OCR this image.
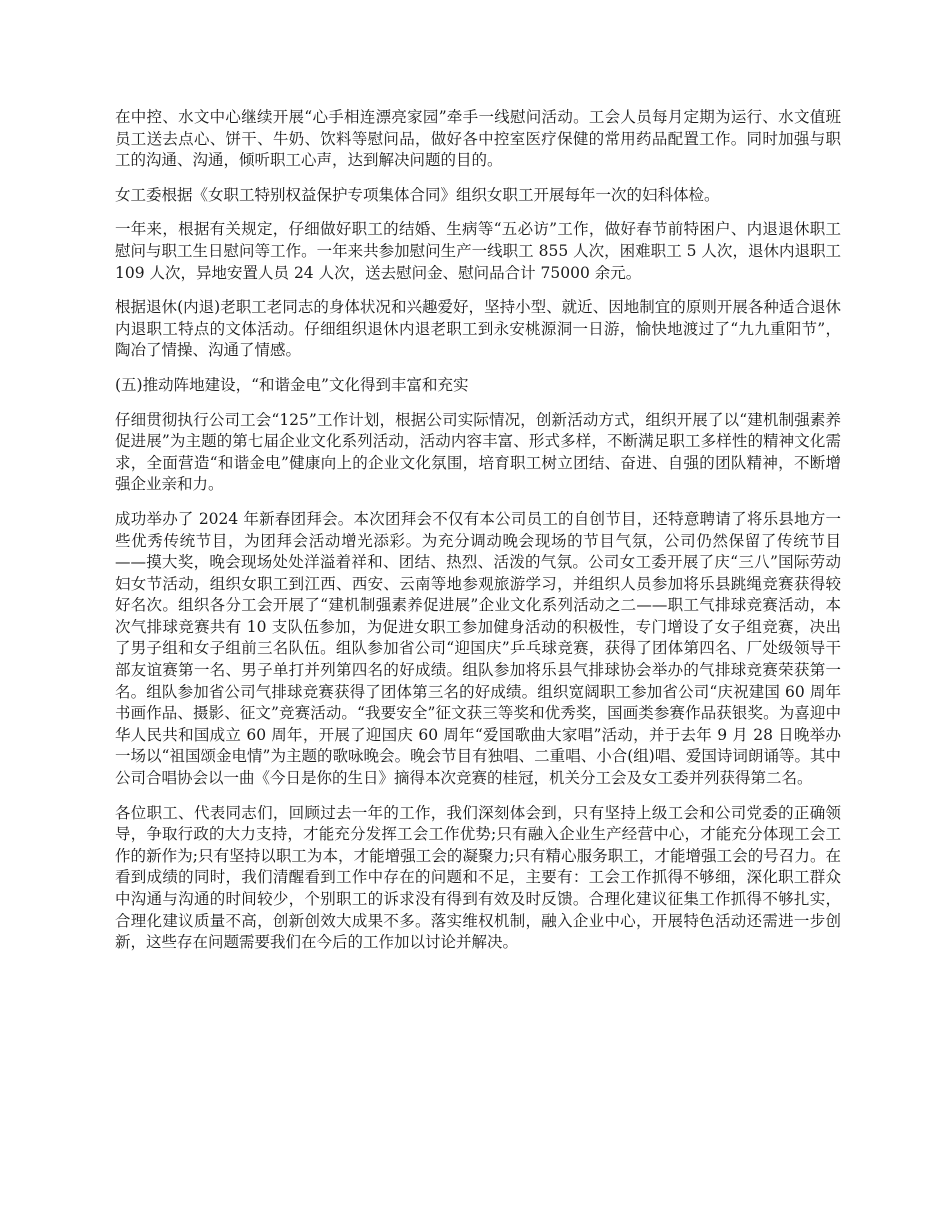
在中控、水文中心继续开展“心手相连漂亮家园”牵手一线慰问活动。工会人员每月定期为运行、水文值班员工送去点心、饼干、牛奶、饮料等慰问品，做好各中控室医疗保健的常用药品配置工作。同时加强与职工的沟通、沟通，倾听职工心声，达到解决问题的目的。

女工委根据《女职工特别权益保护专项集体合同》组织女职工开展每年一次的妇科体检。

一年来，根据有关规定，仔细做好职工的结婚、生病等“五必访”工作，做好春节前特困户、内退退休职工慰问与职工生日慰问等工作。一年来共参加慰问生产一线职工 855 人次，困难职工 5 人次，退休内退职工 109 人次，异地安置人员 24 人次，送去慰问金、慰问品合计 75000 余元。

根据退休(内退)老职工老同志的身体状况和兴趣爱好，坚持小型、就近、因地制宜的原则开展各种适合退休内退职工特点的文体活动。仔细组织退休内退老职工到永安桃源洞一日游，愉快地渡过了“九九重阳节”，陶冶了情操、沟通了情感。

(五)推动阵地建设，“和谐金电”文化得到丰富和充实

仔细贯彻执行公司工会“125”工作计划，根据公司实际情况，创新活动方式，组织开展了以“建机制强素养促进展”为主题的第七届企业文化系列活动，活动内容丰富、形式多样，不断满足职工多样性的精神文化需求，全面营造“和谐金电”健康向上的企业文化氛围，培育职工树立团结、奋进、自强的团队精神，不断增强企业亲和力。

成功举办了 2024 年新春团拜会。本次团拜会不仅有本公司员工的自创节目，还特意聘请了将乐县地方一些优秀传统节目，为团拜会活动增光添彩。为充分调动晚会现场的节目气氛，公司仍然保留了传统节目——摸大奖，晚会现场处处洋溢着祥和、团结、热烈、活泼的气氛。公司女工委开展了庆“三八”国际劳动妇女节活动，组织女职工到江西、西安、云南等地参观旅游学习，并组织人员参加将乐县跳绳竞赛获得较好名次。组织各分工会开展了“建机制强素养促进展”企业文化系列活动之二——职工气排球竞赛活动，本次气排球竞赛共有 10 支队伍参加，为促进女职工参加健身活动的积极性，专门增设了女子组竞赛，决出了男子组和女子组前三名队伍。组队参加省公司“迎国庆”乒乓球竞赛，获得了团体第四名、厂处级领导干部友谊赛第一名、男子单打并列第四名的好成绩。组队参加将乐县气排球协会举办的气排球竞赛荣获第一名。组队参加省公司气排球竞赛获得了团体第三名的好成绩。组织宽阔职工参加省公司“庆祝建国 60 周年书画作品、摄影、征文”竞赛活动。“我要安全”征文获三等奖和优秀奖，国画类参赛作品获银奖。为喜迎中华人民共和国成立 60 周年，开展了迎国庆 60 周年“爱国歌曲大家唱”活动，并于去年 9 月 28 日晚举办一场以“祖国颂金电情”为主题的歌咏晚会。晚会节目有独唱、二重唱、小合(组)唱、爱国诗词朗诵等。其中公司合唱协会以一曲《今日是你的生日》摘得本次竞赛的桂冠，机关分工会及女工委并列获得第二名。

各位职工、代表同志们，回顾过去一年的工作，我们深刻体会到，只有坚持上级工会和公司党委的正确领导，争取行政的大力支持，才能充分发挥工会工作优势;只有融入企业生产经营中心，才能充分体现工会工作的新作为;只有坚持以职工为本，才能增强工会的凝聚力;只有精心服务职工，才能增强工会的号召力。在看到成绩的同时，我们清醒看到工作中存在的问题和不足，主要有：工会工作抓得不够细，深化职工群众中沟通与沟通的时间较少，个别职工的诉求没有得到有效及时反馈。合理化建议征集工作抓得不够扎实，合理化建议质量不高，创新创效大成果不多。落实维权机制，融入企业中心，开展特色活动还需进一步创新，这些存在问题需要我们在今后的工作加以讨论并解决。
